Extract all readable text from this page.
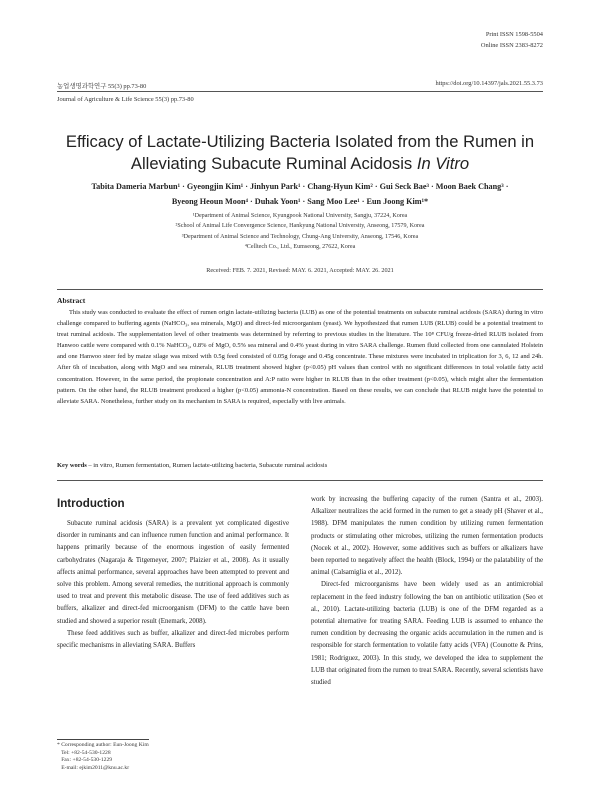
Print ISSN 1598-5504
Online ISSN 2383-8272
농업생명과학연구 55(3) pp.73-80	https://doi.org/10.14397/jals.2021.55.3.73
Journal of Agriculture & Life Science 55(3) pp.73-80
Efficacy of Lactate-Utilizing Bacteria Isolated from the Rumen in Alleviating Subacute Ruminal Acidosis In Vitro
Tabita Dameria Marbun¹ · Gyeongjin Kim¹ · Jinhyun Park¹ · Chang-Hyun Kim² · Gui Seck Bae³ · Moon Baek Chang³ ·
Byeong Heoun Moon⁴ · Duhak Yoon¹ · Sang Moo Lee¹ · Eun Joong Kim¹*
¹Department of Animal Science, Kyungpook National University, Sangju, 37224, Korea
²School of Animal Life Convergence Science, Hankyung National University, Anseong, 17579, Korea
³Department of Animal Science and Technology, Chung-Ang University, Anseong, 17546, Korea
⁴Celltech Co., Ltd., Eumseong, 27622, Korea
Received: FEB. 7. 2021, Revised: MAY. 6. 2021, Accepted: MAY. 26. 2021
Abstract
This study was conducted to evaluate the effect of rumen origin lactate-utilizing bacteria (LUB) as one of the potential treatments on subacute ruminal acidosis (SARA) during in vitro challenge compared to buffering agents (NaHCO₃, sea minerals, MgO) and direct-fed microorganism (yeast). We hypothesized that rumen LUB (RLUB) could be a potential treatment to treat ruminal acidosis. The supplementation level of other treatments was determined by referring to previous studies in the literature. The 10⁸ CFU/g freeze-dried RLUB isolated from Hanwoo cattle were compared with 0.1% NaHCO₃, 0.8% of MgO, 0.5% sea mineral and 0.4% yeast during in vitro SARA challenge. Rumen fluid collected from one cannulated Holstein and one Hanwoo steer fed by maize silage was mixed with 0.5g feed consisted of 0.05g forage and 0.45g concentrate. These mixtures were incubated in triplication for 3, 6, 12 and 24h. After 6h of incubation, along with MgO and sea minerals, RLUB treatment showed higher (p<0.05) pH values than control with no significant differences in total volatile fatty acid concentration. However, in the same period, the propionate concentration and A:P ratio were higher in RLUB than in the other treatment (p<0.05), which might alter the fermentation pattern. On the other hand, the RLUB treatment produced a higher (p<0.05) ammonia-N concentration. Based on these results, we can conclude that RLUB might have the potential to alleviate SARA. Nonetheless, further study on its mechanism in SARA is required, especially with live animals.
Key words – in vitro, Rumen fermentation, Rumen lactate-utilizing bacteria, Subacute ruminal acidosis
Introduction

Subacute ruminal acidosis (SARA) is a prevalent yet complicated digestive disorder in ruminants and can influence rumen function and animal performance. It happens primarily because of the enormous ingestion of easily fermented carbohydrates (Nagaraja & Titgemeyer, 2007; Plaizier et al., 2008). As it usually affects animal performance, several approaches have been attempted to prevent and solve this problem. Among several remedies, the nutritional approach is commonly used to treat and prevent this metabolic disease. The use of feed additives such as buffers, alkalizer and direct-fed microorganism (DFM) to the cattle have been studied and showed a superior result (Enemark, 2008).

These feed additives such as buffer, alkalizer and direct-fed microbes perform specific mechanisms in alleviating SARA. Buffers

work by increasing the buffering capacity of the rumen (Santra et al., 2003). Alkalizer neutralizes the acid formed in the rumen to get a steady pH (Shaver et al., 1988). DFM manipulates the rumen condition by utilizing rumen fermentation products or stimulating other microbes, utilizing the rumen fermentation products (Nocek et al., 2002). However, some additives such as buffers or alkalizers have been reported to negatively affect the health (Block, 1994) or the palatability of the animal (Calsamiglia et al., 2012).

Direct-fed microorganisms have been widely used as an antimicrobial replacement in the feed industry following the ban on antibiotic utilization (Seo et al., 2010). Lactate-utilizing bacteria (LUB) is one of the DFM regarded as a potential alternative for treating SARA. Feeding LUB is assumed to enhance the rumen condition by decreasing the organic acids accumulation in the rumen and is responsible for starch fermentation to volatile fatty acids (VFA) (Counotte & Prins, 1981; Rodriguez, 2003). In this study, we developed the idea to supplement the LUB that originated from the rumen to treat SARA. Recently, several scientists have studied

* Corresponding author: Eun-Joong Kim
Tel: +82-54-530-1228
Fax: +82-54-530-1229
E-mail: ejkim2011@knu.ac.kr
